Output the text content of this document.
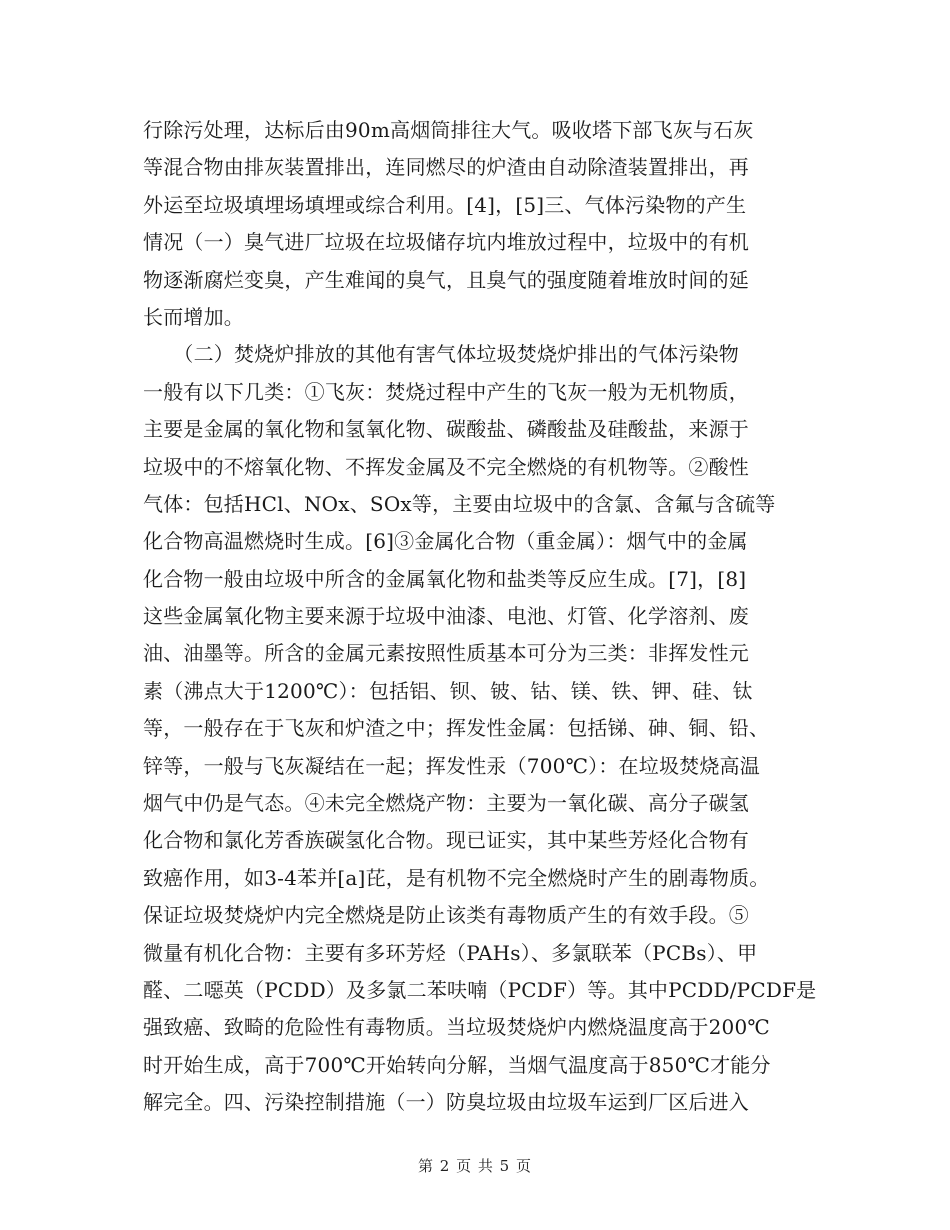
行除污处理，达标后由90m高烟筒排往大气。吸收塔下部飞灰与石灰
等混合物由排灰装置排出，连同燃尽的炉渣由自动除渣装置排出，再
外运至垃圾填埋场填埋或综合利用。[4]，[5]三、气体污染物的产生
情况（一）臭气进厂垃圾在垃圾储存坑内堆放过程中，垃圾中的有机
物逐渐腐烂变臭，产生难闻的臭气，且臭气的强度随着堆放时间的延
长而增加。
　　（二）焚烧炉排放的其他有害气体垃圾焚烧炉排出的气体污染物
一般有以下几类：①飞灰：焚烧过程中产生的飞灰一般为无机物质，
主要是金属的氧化物和氢氧化物、碳酸盐、磷酸盐及硅酸盐，来源于
垃圾中的不熔氧化物、不挥发金属及不完全燃烧的有机物等。②酸性
气体：包括HCl、NOx、SOx等，主要由垃圾中的含氯、含氟与含硫等
化合物高温燃烧时生成。[6]③金属化合物（重金属）：烟气中的金属
化合物一般由垃圾中所含的金属氧化物和盐类等反应生成。[7]，[8]
这些金属氧化物主要来源于垃圾中油漆、电池、灯管、化学溶剂、废
油、油墨等。所含的金属元素按照性质基本可分为三类：非挥发性元
素（沸点大于1200℃）：包括铝、钡、铍、钴、镁、铁、钾、硅、钛
等，一般存在于飞灰和炉渣之中；挥发性金属：包括锑、砷、铜、铅、
锌等，一般与飞灰凝结在一起；挥发性汞（700℃）：在垃圾焚烧高温
烟气中仍是气态。④未完全燃烧产物：主要为一氧化碳、高分子碳氢
化合物和氯化芳香族碳氢化合物。现已证实，其中某些芳烃化合物有
致癌作用，如3-4苯并[a]芘，是有机物不完全燃烧时产生的剧毒物质。
保证垃圾焚烧炉内完全燃烧是防止该类有毒物质产生的有效手段。⑤
微量有机化合物：主要有多环芳烃（PAHs）、多氯联苯（PCBs）、甲
醛、二噁英（PCDD）及多氯二苯呋喃（PCDF）等。其中PCDD/PCDF是
强致癌、致畸的危险性有毒物质。当垃圾焚烧炉内燃烧温度高于200℃
时开始生成，高于700℃开始转向分解，当烟气温度高于850℃才能分
解完全。四、污染控制措施（一）防臭垃圾由垃圾车运到厂区后进入
第 2 页 共 5 页
